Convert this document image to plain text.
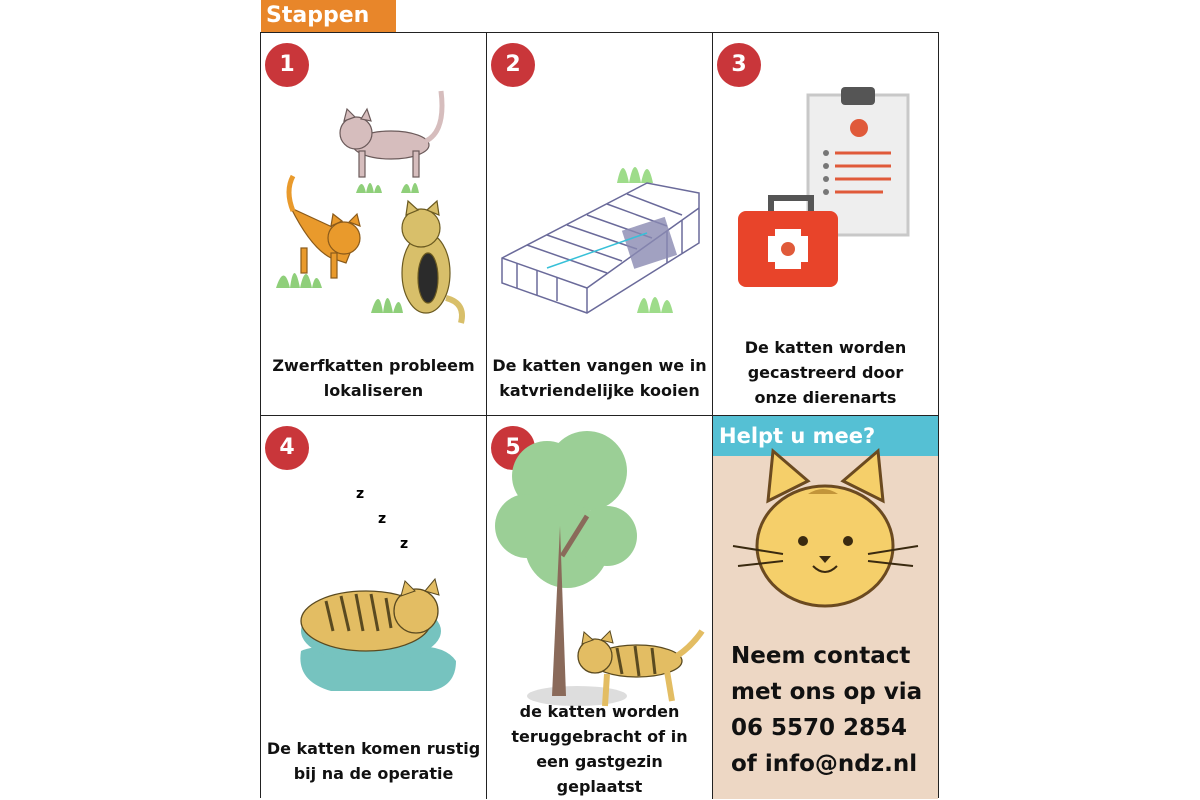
Stappen
1
Zwerfkatten probleem
lokaliseren
2
De katten vangen we in
katvriendelijke kooien
3
De katten worden
gecastreerd door
onze dierenarts
4
z
z
z
De katten komen rustig
bij na de operatie
5
de katten worden
teruggebracht of in
een gastgezin
geplaatst
Helpt u mee?
Neem contact
met ons op via
06 5570 2854
of info@ndz.nl
